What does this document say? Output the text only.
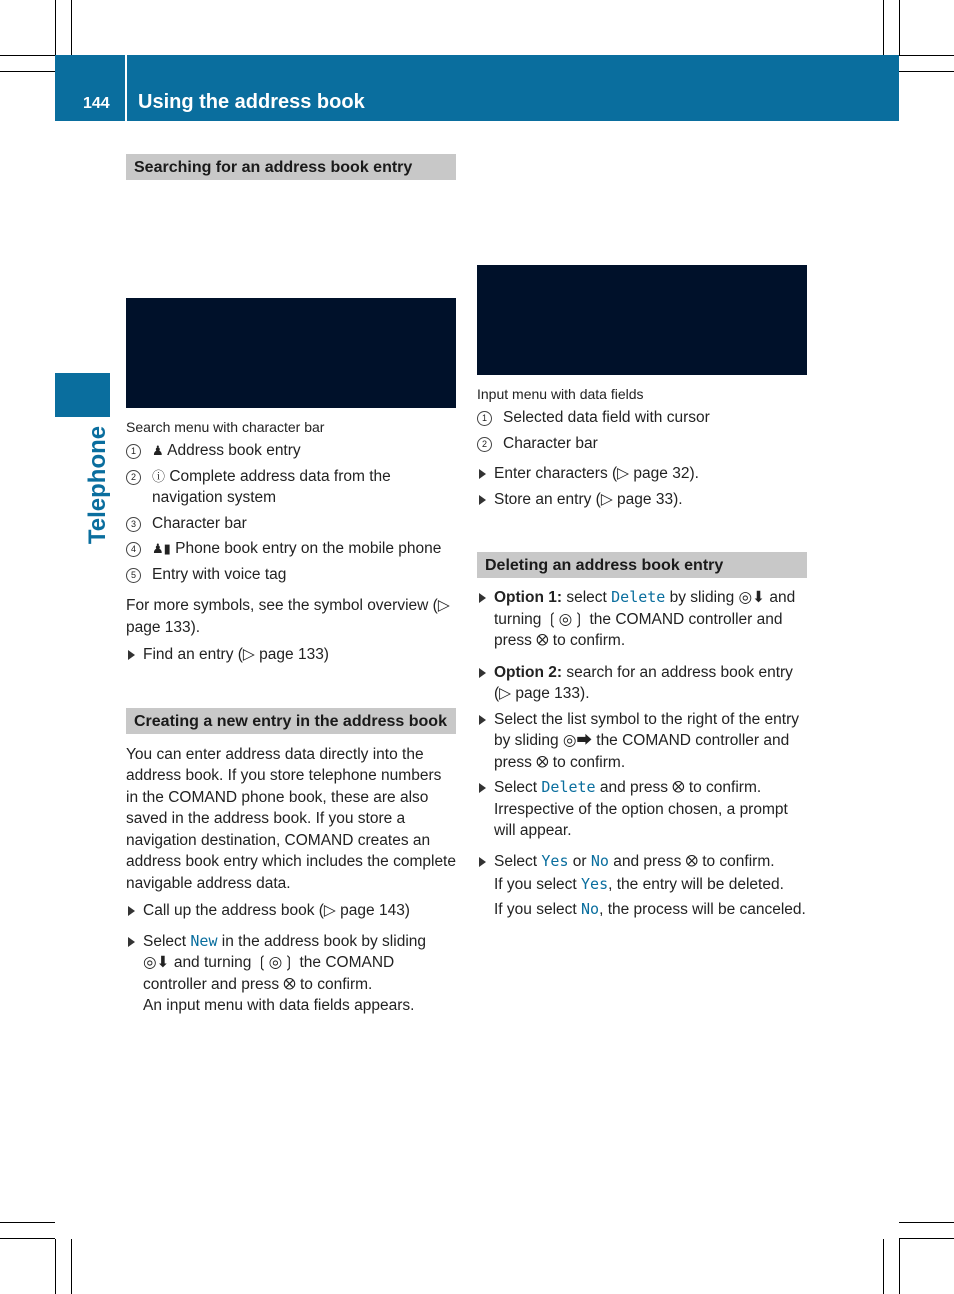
144 Using the address book
Telephone
Searching for an address book entry
Search menu with character bar
1	♟ Address book entry
2	ⓘ Complete address data from the navigation system
3	Character bar
4	♟▮ Phone book entry on the mobile phone
5	Entry with voice tag
For more symbols, see the symbol overview (▷ page 133).
Find an entry (▷ page 133)
Creating a new entry in the address book
You can enter address data directly into the address book. If you store telephone numbers in the COMAND phone book, these are also saved in the address book. If you store a navigation destination, COMAND creates an address book entry which includes the complete navigable address data.
Call up the address book (▷ page 143)
Select New in the address book by sliding ◎⬇ and turning ❲◎❳ the COMAND controller and press ⭙ to confirm.
An input menu with data fields appears.
Input menu with data fields
1	Selected data field with cursor
2	Character bar
Enter characters (▷ page 32).
Store an entry (▷ page 33).
Deleting an address book entry
Option 1: select Delete by sliding ◎⬇ and turning ❲◎❳ the COMAND controller and press ⭙ to confirm.
Option 2: search for an address book entry (▷ page 133).
Select the list symbol to the right of the entry by sliding ◎⮕ the COMAND controller and press ⭙ to confirm.
Select Delete and press ⭙ to confirm.
Irrespective of the option chosen, a prompt will appear.
Select Yes or No and press ⭙ to confirm.
If you select Yes, the entry will be deleted.
If you select No, the process will be canceled.
